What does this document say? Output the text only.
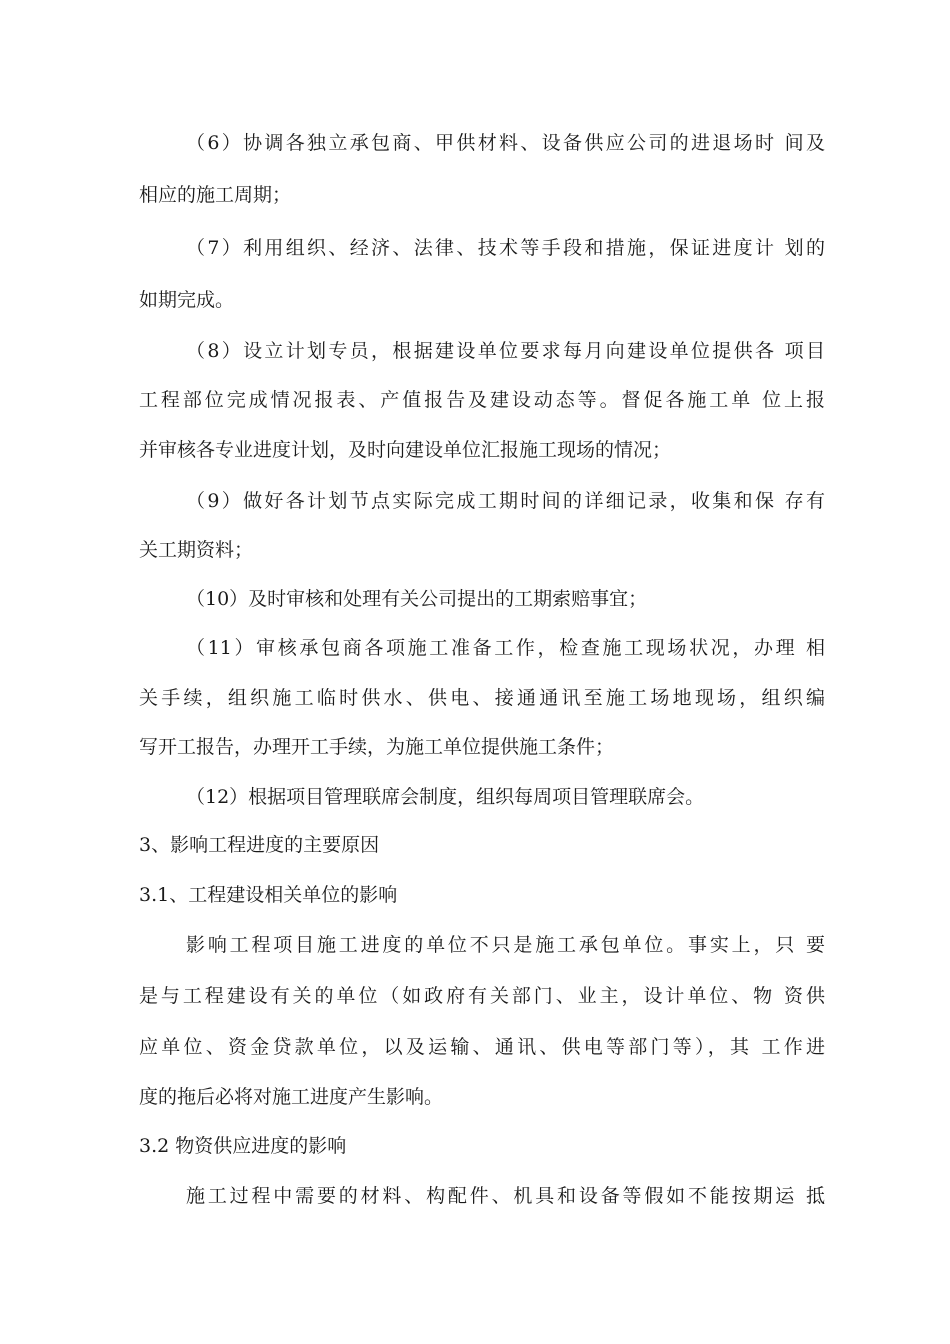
（6）协调各独立承包商、甲供材料、设备供应公司的进退场时 间及
相应的施工周期；
（7）利用组织、经济、法律、技术等手段和措施，保证进度计 划的
如期完成。
（8）设立计划专员，根据建设单位要求每月向建设单位提供各 项目
工程部位完成情况报表、产值报告及建设动态等。督促各施工单 位上报
并审核各专业进度计划，及时向建设单位汇报施工现场的情况；
（9）做好各计划节点实际完成工期时间的详细记录，收集和保 存有
关工期资料；
（10）及时审核和处理有关公司提出的工期索赔事宜；
（11）审核承包商各项施工准备工作，检查施工现场状况，办理 相
关手续，组织施工临时供水、供电、接通通讯至施工场地现场，组织编
写开工报告，办理开工手续，为施工单位提供施工条件；
（12）根据项目管理联席会制度，组织每周项目管理联席会。
3、影响工程进度的主要原因
3.1、工程建设相关单位的影响
影响工程项目施工进度的单位不只是施工承包单位。事实上，只 要
是与工程建设有关的单位（如政府有关部门、业主，设计单位、物 资供
应单位、资金贷款单位，以及运输、通讯、供电等部门等），其 工作进
度的拖后必将对施工进度产生影响。
3.2 物资供应进度的影响
施工过程中需要的材料、构配件、机具和设备等假如不能按期运 抵
